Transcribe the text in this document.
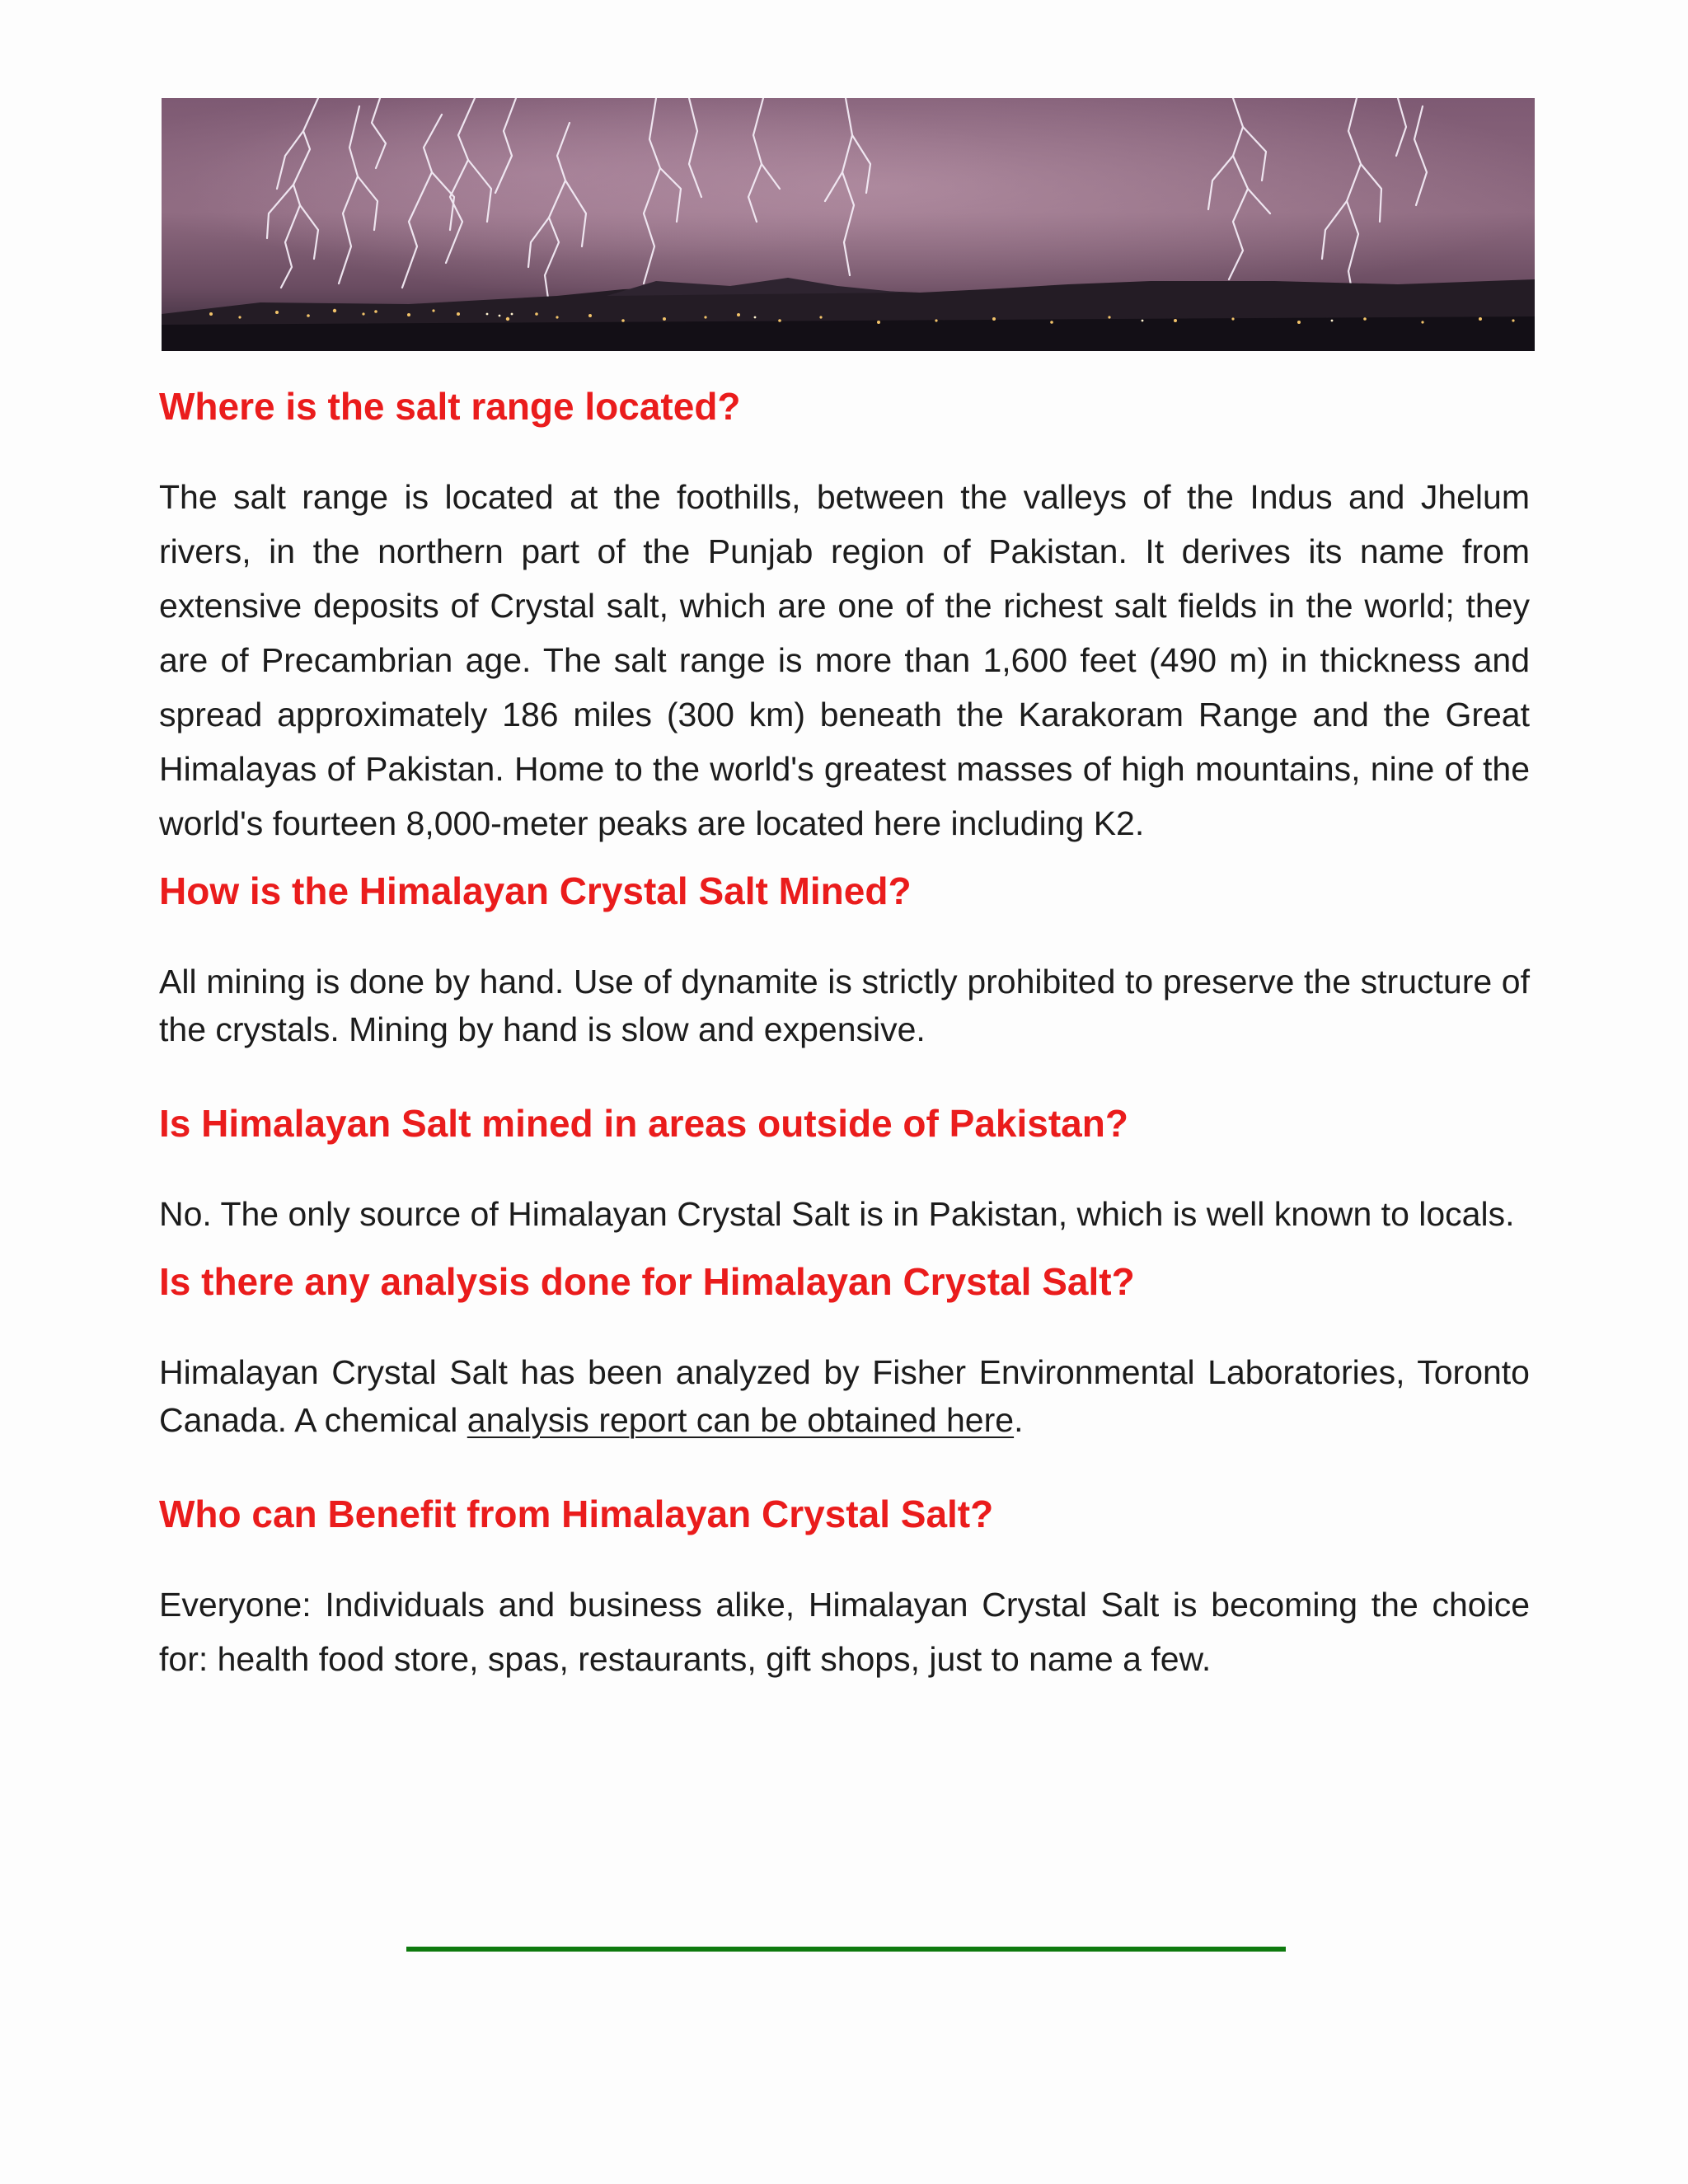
Where is the salt range located?

The salt range is located at the foothills, between the valleys of the Indus and Jhelum rivers, in the northern part of the Punjab region of Pakistan. It derives its name from extensive deposits of Crystal salt, which are one of the richest salt fields in the world; they are of Precambrian age. The salt range is more than 1,600 feet (490 m) in thickness and spread approximately 186 miles (300 km) beneath the Karakoram Range and the Great Himalayas of Pakistan. Home to the world's greatest masses of high mountains, nine of the world's fourteen 8,000-meter peaks are located here including K2.

How is the Himalayan Crystal Salt Mined?

All mining is done by hand. Use of dynamite is strictly prohibited to preserve the structure of the crystals. Mining by hand is slow and expensive.

Is Himalayan Salt mined in areas outside of Pakistan?

No. The only source of Himalayan Crystal Salt is in Pakistan, which is well known to locals.

Is there any analysis done for Himalayan Crystal Salt?

Himalayan Crystal Salt has been analyzed by Fisher Environmental Laboratories, Toronto Canada. A chemical analysis report can be obtained here.

Who can Benefit from Himalayan Crystal Salt?

Everyone: Individuals and business alike, Himalayan Crystal Salt is becoming the choice for: health food store, spas, restaurants, gift shops, just to name a few.
